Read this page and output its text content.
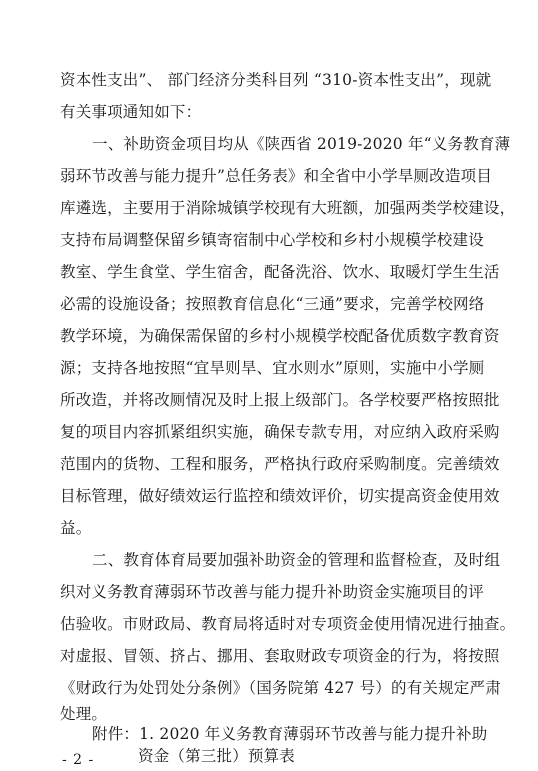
资本性支出”、 部门经济分类科目列 “310-资本性支出”，现就
有关事项通知如下：
一、补助资金项目均从《陕西省 2019-2020 年“义务教育薄
弱环节改善与能力提升”总任务表》和全省中小学旱厕改造项目
库遴选，主要用于消除城镇学校现有大班额，加强两类学校建设，
支持布局调整保留乡镇寄宿制中心学校和乡村小规模学校建设
教室、学生食堂、学生宿舍，配备洗浴、饮水、取暖灯学生生活
必需的设施设备；按照教育信息化“三通”要求，完善学校网络
教学环境，为确保需保留的乡村小规模学校配备优质数字教育资
源；支持各地按照“宜旱则旱、宜水则水”原则，实施中小学厕
所改造，并将改厕情况及时上报上级部门。各学校要严格按照批
复的项目内容抓紧组织实施，确保专款专用，对应纳入政府采购
范围内的货物、工程和服务，严格执行政府采购制度。完善绩效
目标管理，做好绩效运行监控和绩效评价，切实提高资金使用效
益。
二、教育体育局要加强补助资金的管理和监督检查，及时组
织对义务教育薄弱环节改善与能力提升补助资金实施项目的评
估验收。市财政局、教育局将适时对专项资金使用情况进行抽查。
对虚报、冒领、挤占、挪用、套取财政专项资金的行为，将按照
《财政行为处罚处分条例》（国务院第 427 号）的有关规定严肃
处理。
附件：1. 2020 年义务教育薄弱环节改善与能力提升补助
资金（第三批）预算表
- 2 -
